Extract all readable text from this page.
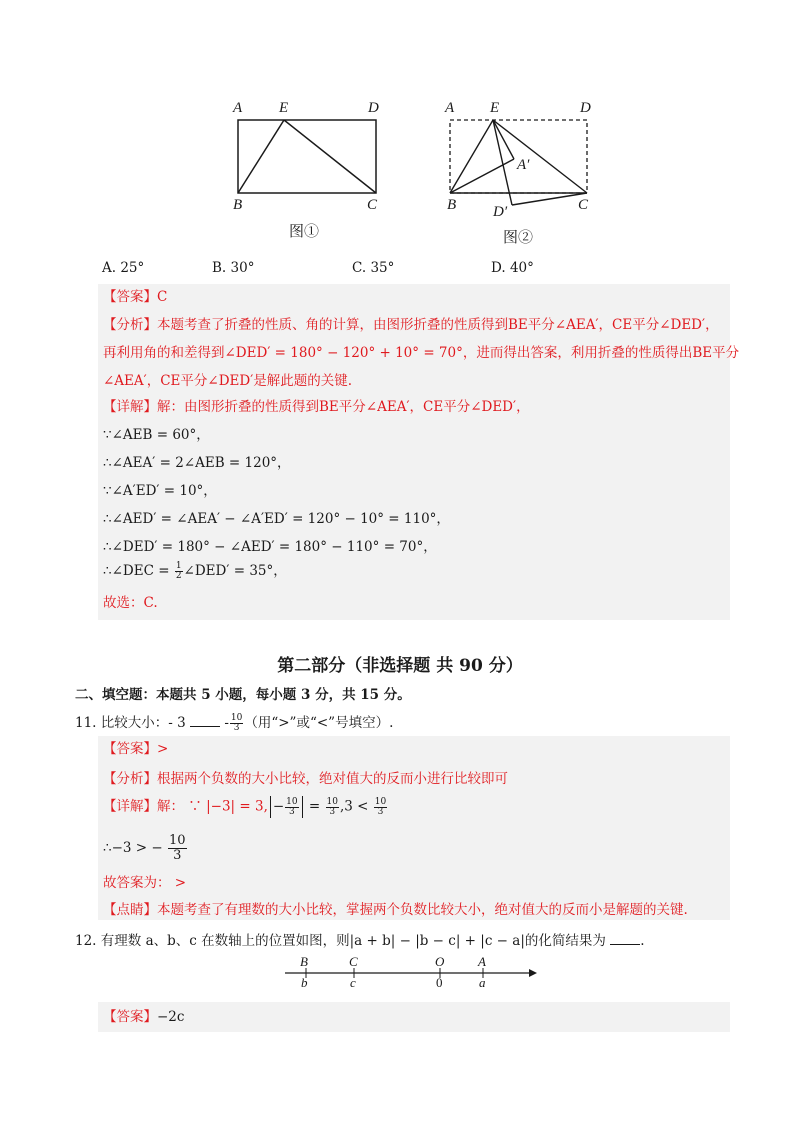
A E	D
B	C
图①
A E	D
A′
B D′	C
图②
A. 25°	B. 30°	C. 35°	D. 40°
【答案】C
【分析】本题考查了折叠的性质、角的计算，由图形折叠的性质得到BE平分∠AEA′，CE平分∠DED′，
再利用角的和差得到∠DED′ = 180° − 120° + 10° = 70°，进而得出答案，利用折叠的性质得出BE平分
∠AEA′，CE平分∠DED′是解此题的关键.
【详解】解：由图形折叠的性质得到BE平分∠AEA′，CE平分∠DED′，
∵∠AEB = 60°，
∴∠AEA′ = 2∠AEB = 120°，
∵∠A′ED′ = 10°，
∴∠AED′ = ∠AEA′ − ∠A′ED′ = 120° − 10° = 110°，
∴∠DED′ = 180° − ∠AED′ = 180° − 110° = 70°，
∴∠DEC = $\frac{1}{2}$ ∠DED′ = 35°，
故选：C.
第二部分（非选择题 共 90 分）
二、填空题：本题共 5 小题，每小题 3 分，共 15 分。
11. 比较大小：- 3	- $\frac{10}{3}$ （用“>”或“<”号填空）.
【答案】>
【分析】根据两个负数的大小比较，绝对值大的反而小进行比较即可
【详解】解： ∵ |−3| = 3, − $\frac{10}{3} = \frac{10}{3} ,3 < \frac{10}{3}$
∴−3 > − $\frac{10}{3}$
故答案为： >
【点睛】本题考查了有理数的大小比较，掌握两个负数比较大小，绝对值大的反而小是解题的关键.
12. 有理数 a、b、c 在数轴上的位置如图，则|a + b| − |b − c| + |c − a|的化简结果为	.
B	C	O	A
b	c	0	a
【答案】−2c
